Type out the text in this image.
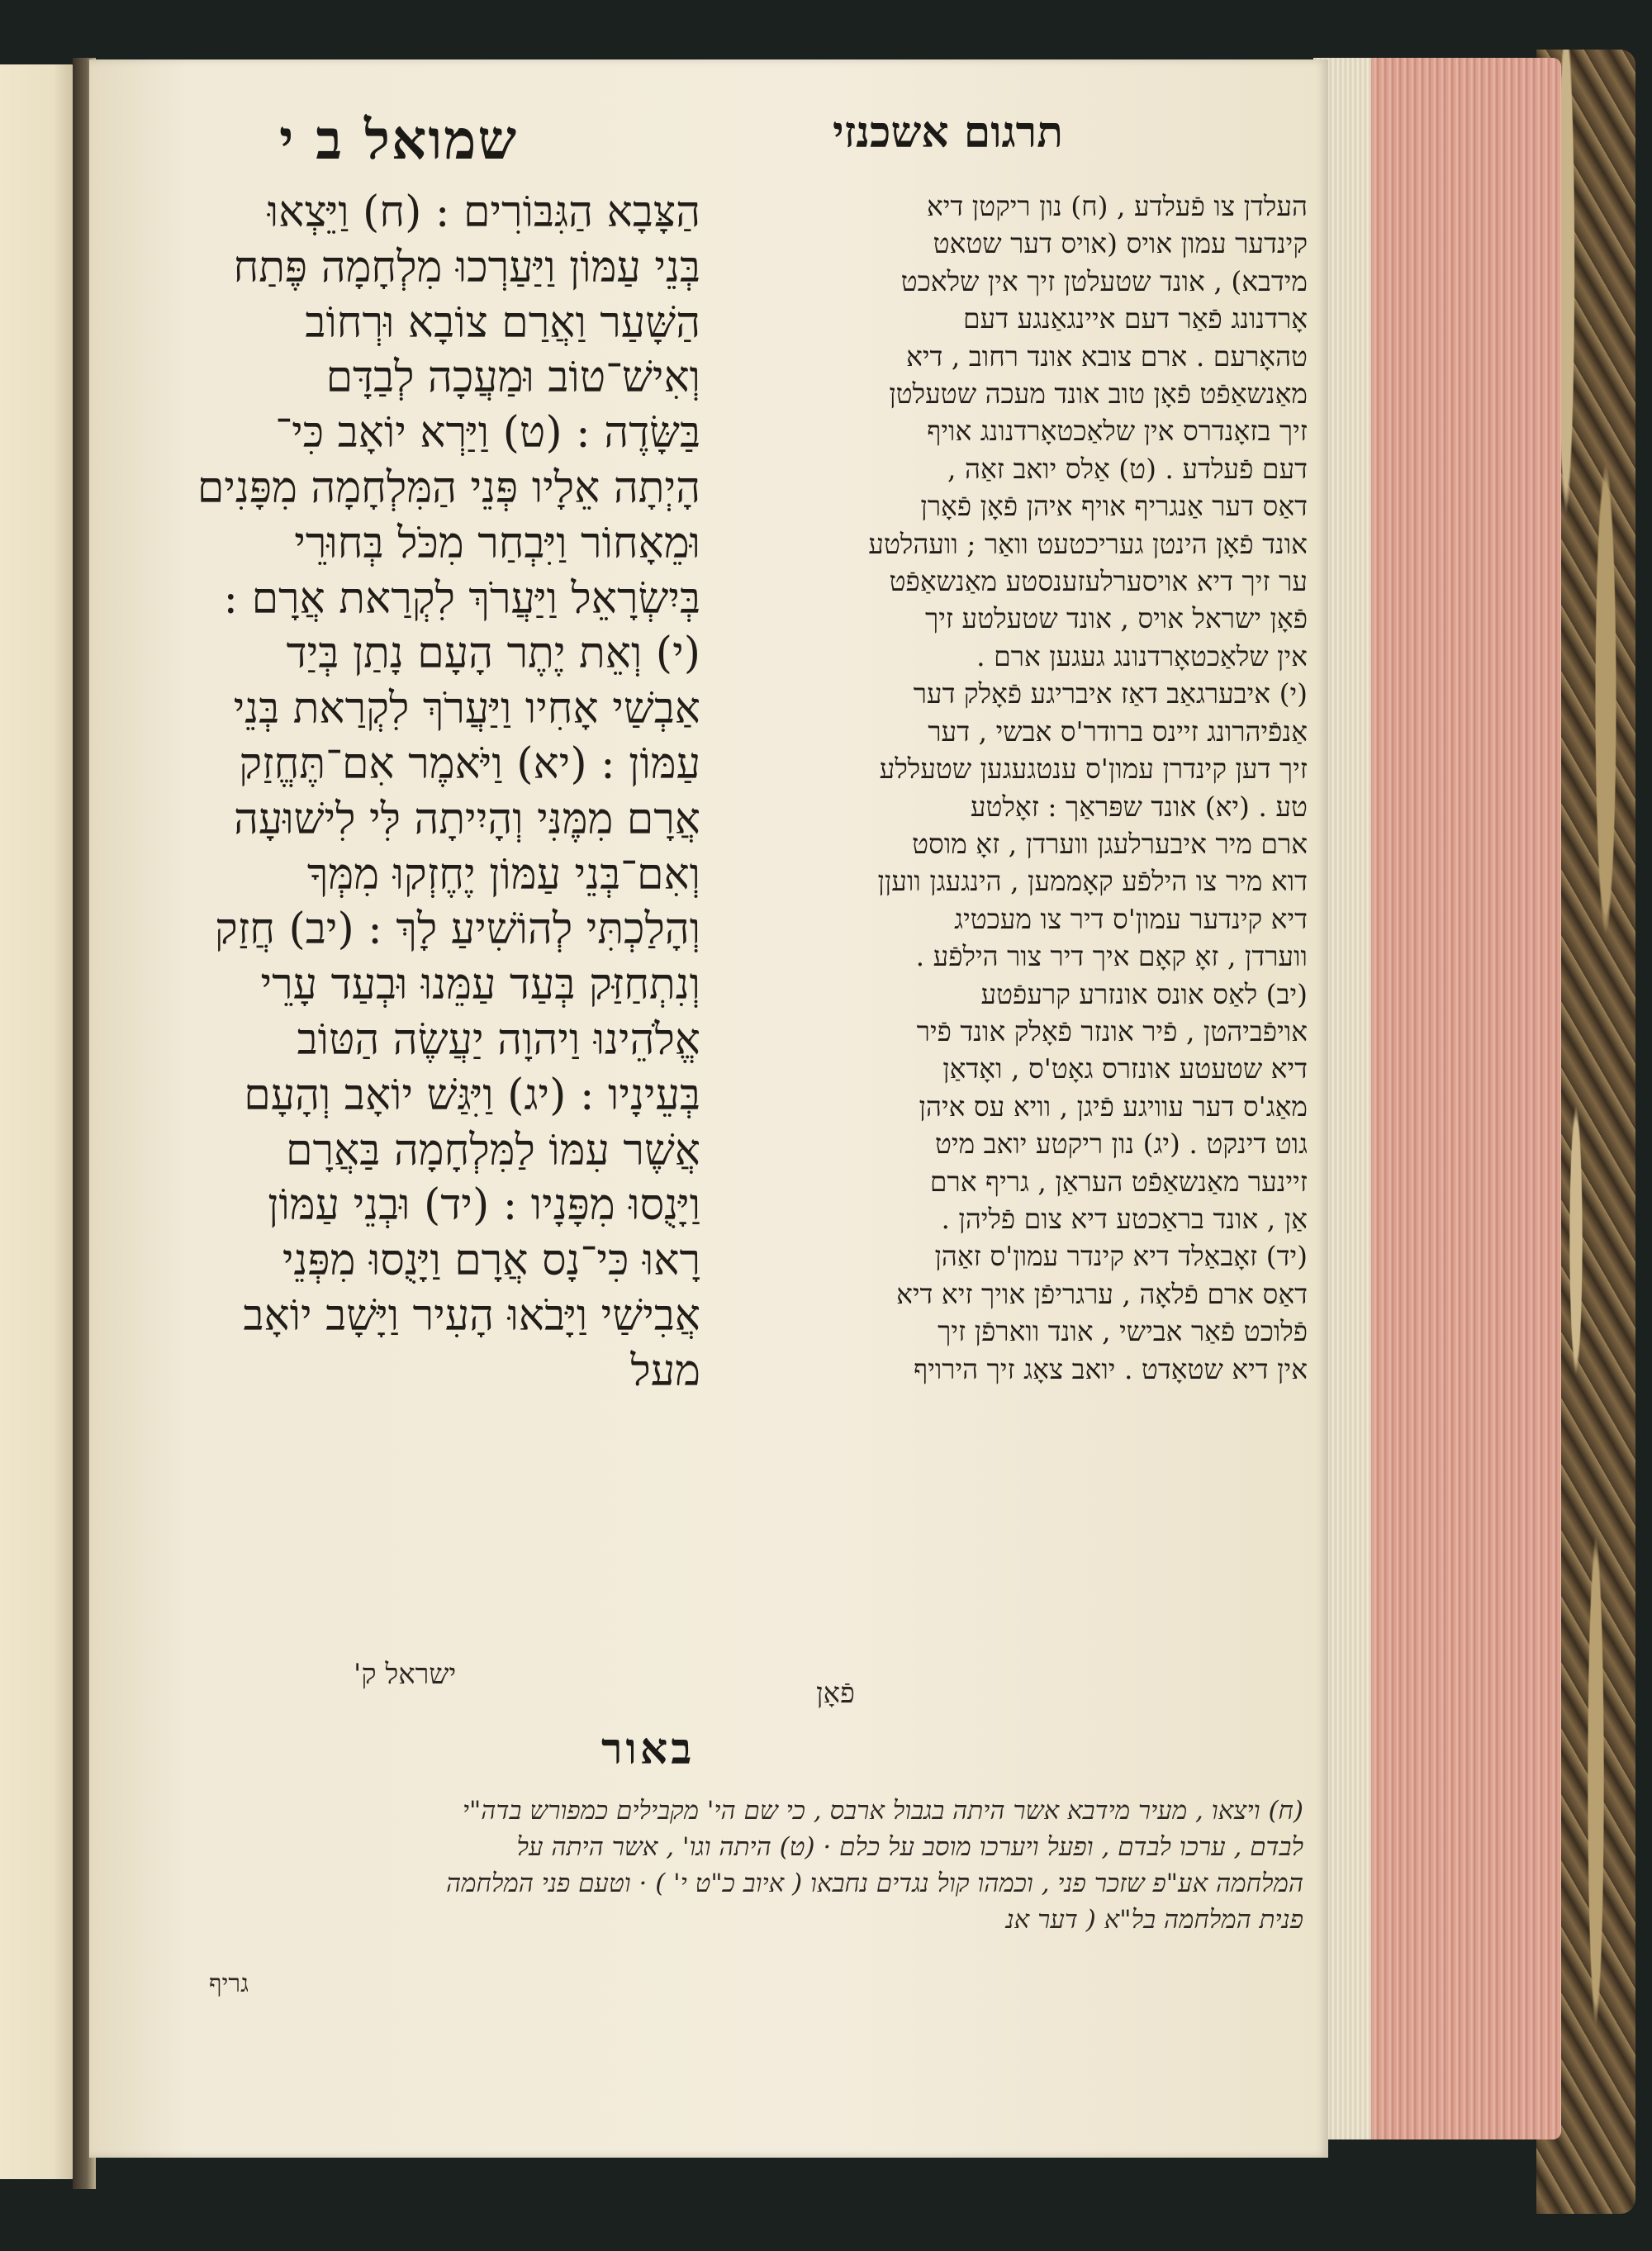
שמואל ב י	תרגום אשכנזי
הַצָּבָא הַגִּבּוֹרִים : (ח) וַיֵּצְאוּ
בְּנֵי עַמּוֹן וַיַּעַרְכוּ מִלְחָמָה פֶּתַח
הַשָּׁעַר וַאֲרַם צוֹבָא וּרְחוֹב
וְאִישׁ־טוֹב וּמַעֲכָה לְבַדָּם
בַּשָּׂדֶה : (ט) וַיַּרְא יוֹאָב כִּי־
הָיְתָה אֵלָיו פְּנֵי הַמִּלְחָמָה מִפָּנִים
וּמֵאָחוֹר וַיִּבְחַר מִכֹּל בְּחוּרֵי
בְּיִשְׂרָאֵל וַיַּעֲרֹךְ לִקְרַאת אֲרָם :
(י) וְאֵת יֶתֶר הָעָם נָתַן בְּיַד
אַבְשַׁי אָחִיו וַיַּעֲרֹךְ לִקְרַאת בְּנֵי
עַמּוֹן : (יא) וַיֹּאמֶר אִם־תֶּחֱזַק
אֲרָם מִמֶּנִּי וְהָיִיתָה לִּי לִישׁוּעָה
וְאִם־בְּנֵי עַמּוֹן יֶחֶזְקוּ מִמְּךָ
וְהָלַכְתִּי לְהוֹשִׁיעַ לָךְ : (יב) חֲזַק
וְנִתְחַזַּק בְּעַד עַמֵּנוּ וּבְעַד עָרֵי
אֱלֹהֵינוּ וַיהוָה יַעֲשֶׂה הַטּוֹב
בְּעֵינָיו : (יג) וַיִּגַּשׁ יוֹאָב וְהָעָם
אֲשֶׁר עִמּוֹ לַמִּלְחָמָה בַּאֲרָם
וַיָּנֻסוּ מִפָּנָיו : (יד) וּבְנֵי עַמּוֹן
רָאוּ כִּי־נָס אֲרָם וַיָּנֻסוּ מִפְּנֵי
אֲבִישַׁי וַיָּבֹאוּ הָעִיר וַיָּשָׁב יוֹאָב
מעל
העלדן צו פֿעלדע , (ח) נון ריקטן דיא
קינדער עמון אויס (אויס דער שטאט
מידבא) , אונד שטעלטן זיך אין שלאכט
אָרדנונג פֿאַר דעם איינגאַנגע דעם
טהאָרעם . ארם צובא אונד רחוב , דיא
מאַנשאַפֿט פֿאָן טוב אונד מעכה שטעלטן
זיך בזאָנדרס אין שלאַכטאָרדנונג אויף
דעם פֿעלדע . (ט) אַלס יואב זאַה ,
דאַס דער אַנגריף אויף איהן פֿאָן פֿאָרן
אונד פֿאָן הינטן געריכטעט וואַר ; וועהלטע
ער זיך דיא אויסערלעזענסטע מאַנשאַפֿט
פֿאָן ישראל אויס , אונד שטעלטע זיך
אין שלאַכטאָרדנונג געגען ארם .
(י) איבערגאַב דאַז איבריגע פֿאָלק דער
אַנפֿיהרונג זיינס ברודר'ס אבשי , דער
זיך דען קינדרן עמון'ס ענטגעגען שטעללע
טע . (יא) אונד שפּראַך : זאָלטע
ארם מיר איבערלעגן ווערדן , זאָ מוסט
דוא מיר צו הילפֿע קאָממען , הינגעגן וועןן
דיא קינדער עמון'ס דיר צו מעכטיג
ווערדן , זאָ קאָם איך דיר צור הילפֿע .
(יב) לאַס אונס אונזרע קרעפֿטע
אויפֿביהטן , פֿיר אונזר פֿאָלק אונד פֿיר
דיא שטעטע אונזרס גאָט'ס , ואָדאַן
מאַג'ס דער עוויגע פֿיגן , וויא עס איהן
גוט דינקט . (יג) נון ריקטע יואב מיט
זיינער מאַנשאַפֿט העראַן , גריף ארם
אַן , אונד בראַכטע דיא צום פֿליהן .
(יד) זאָבאַלד דיא קינדר עמון'ס זאַהן
דאַס ארם פֿלאָה , ערגריפֿן אויך זיא דיא
פֿלוכט פֿאַר אבישי , אונד ווארפֿן זיך
אין דיא שטאָדט . יואב צאָג זיך הירויף
ישראל ק'
פֿאָן
באור
(ח) ויצאו , מעיר מידבא אשר היתה בגבול ארבס , כי שם הי' מקבילים כמפורש בדה"י
לבדם , ערכו לבדם , ופעל ויערכו מוסב על כלם · (ט) היתה וגו' , אשר היתה על
המלחמה אע"פ שזכר פני , וכמהו קול נגדים נחבאו ( איוב כ"ט י' ) · וטעם פני המלחמה
פנית המלחמה בל"א ( דער אנ
גריף
